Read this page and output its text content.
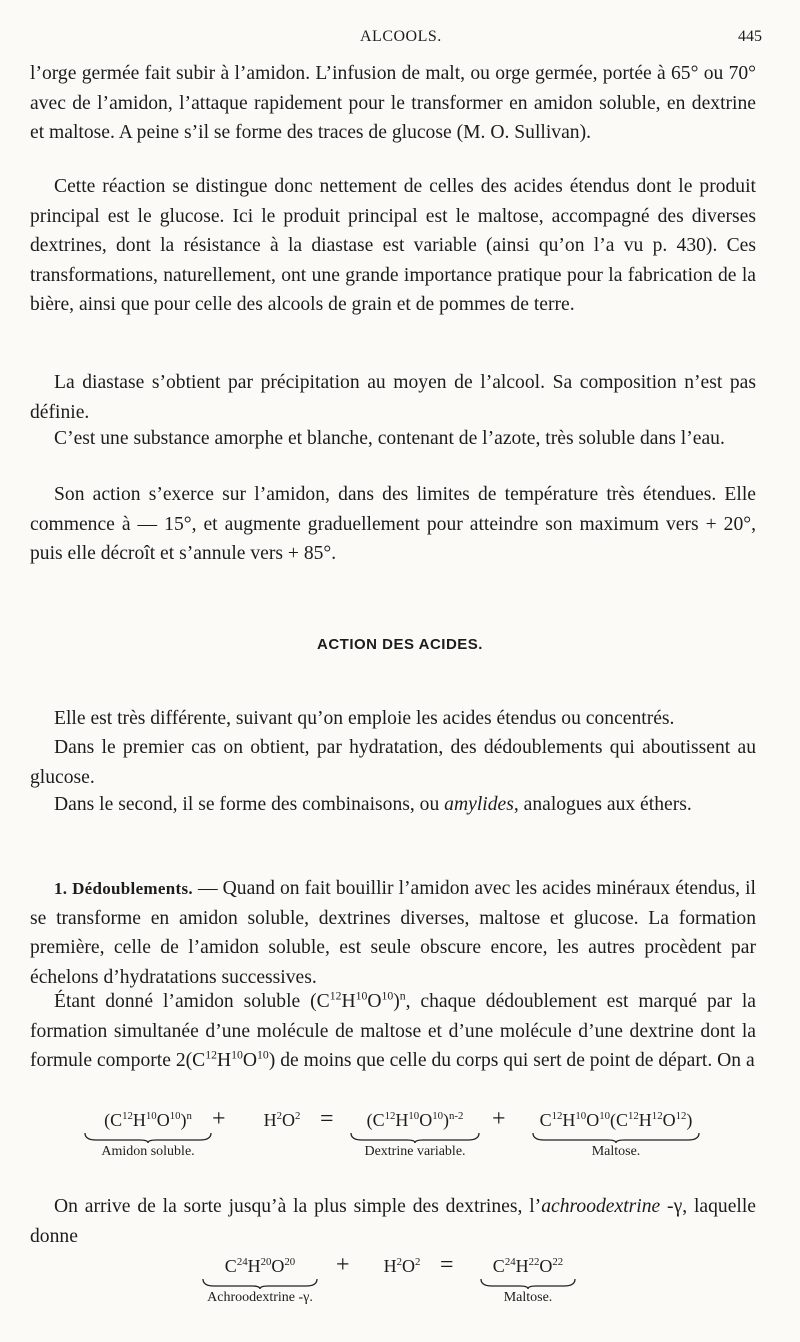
ALCOOLS.	445

l’orge germée fait subir à l’amidon. L’infusion de malt, ou orge germée, portée à 65° ou 70° avec de l’amidon, l’attaque rapidement pour le transformer en amidon soluble, en dextrine et maltose. A peine s’il se forme des traces de glucose (M. O. Sullivan).

Cette réaction se distingue donc nettement de celles des acides étendus dont le produit principal est le glucose. Ici le produit principal est le maltose, accompagné des diverses dextrines, dont la résistance à la diastase est variable (ainsi qu’on l’a vu p. 430). Ces transformations, naturellement, ont une grande importance pratique pour la fabrication de la bière, ainsi que pour celle des alcools de grain et de pommes de terre.

La diastase s’obtient par précipitation au moyen de l’alcool. Sa composition n’est pas définie.

C’est une substance amorphe et blanche, contenant de l’azote, très soluble dans l’eau.

Son action s’exerce sur l’amidon, dans des limites de température très étendues. Elle commence à — 15°, et augmente graduellement pour atteindre son maximum vers + 20°, puis elle décroît et s’annule vers + 85°.

ACTION DES ACIDES.

Elle est très différente, suivant qu’on emploie les acides étendus ou concentrés.

Dans le premier cas on obtient, par hydratation, des dédoublements qui aboutissent au glucose.

Dans le second, il se forme des combinaisons, ou amylides, analogues aux éthers.

1. Dédoublements. — Quand on fait bouillir l’amidon avec les acides minéraux étendus, il se transforme en amidon soluble, dextrines diverses, maltose et glucose. La formation première, celle de l’amidon soluble, est seule obscure encore, les autres procèdent par échelons d’hydratations successives.

Étant donné l’amidon soluble $(C^{12}H^{10}O^{10})^n$, chaque dédoublement est marqué par la formation simultanée d’une molécule de maltose et d’une molécule d’une dextrine dont la formule comporte $2(C^{12}H^{10}O^{10})$ de moins que celle du corps qui sert de point de départ. On a

$(C^{12}H^{10}O^{10})^n$
Amidon soluble.
+	$H^2O^2$ =	$(C^{12}H^{10}O^{10})^{n-2}$
Dextrine variable.
+	$C^{12}H^{10}O^{10}(C^{12}H^{12}O^{12})$
Maltose.

On arrive de la sorte jusqu’à la plus simple des dextrines, l’achroodextrine -γ, laquelle donne

$C^{24}H^{20}O^{20}$
Achroodextrine -γ.
+	$H^2O^2$ =	$C^{24}H^{22}O^{22}$
Maltose.
